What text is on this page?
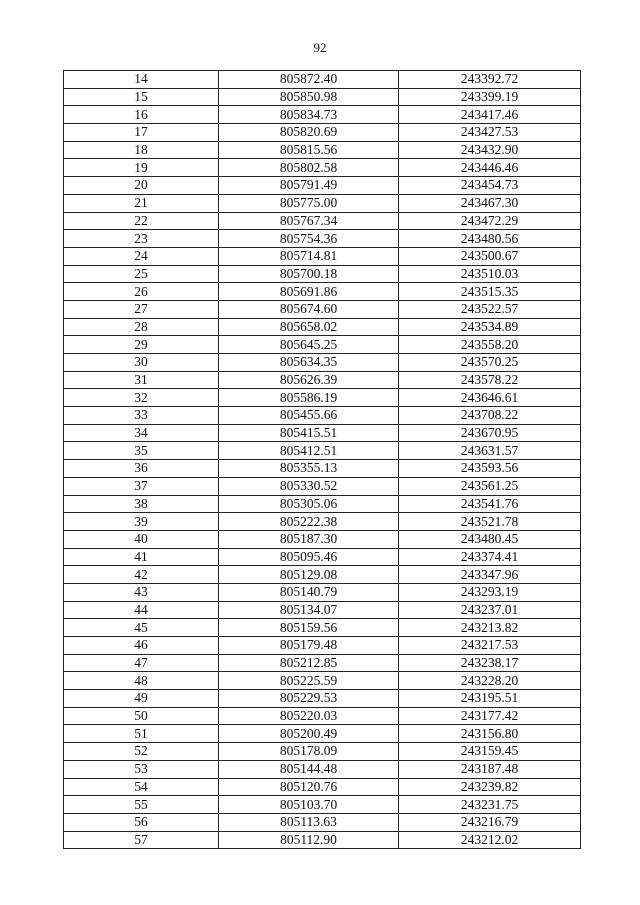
92
14	805872.40	243392.72
15	805850.98	243399.19
16	805834.73	243417.46
17	805820.69	243427.53
18	805815.56	243432.90
19	805802.58	243446.46
20	805791.49	243454.73
21	805775.00	243467.30
22	805767.34	243472.29
23	805754.36	243480.56
24	805714.81	243500.67
25	805700.18	243510.03
26	805691.86	243515.35
27	805674.60	243522.57
28	805658.02	243534.89
29	805645.25	243558.20
30	805634.35	243570.25
31	805626.39	243578.22
32	805586.19	243646.61
33	805455.66	243708.22
34	805415.51	243670.95
35	805412.51	243631.57
36	805355.13	243593.56
37	805330.52	243561.25
38	805305.06	243541.76
39	805222.38	243521.78
40	805187.30	243480.45
41	805095.46	243374.41
42	805129.08	243347.96
43	805140.79	243293.19
44	805134.07	243237.01
45	805159.56	243213.82
46	805179.48	243217.53
47	805212.85	243238.17
48	805225.59	243228.20
49	805229.53	243195.51
50	805220.03	243177.42
51	805200.49	243156.80
52	805178.09	243159.45
53	805144.48	243187.48
54	805120.76	243239.82
55	805103.70	243231.75
56	805113.63	243216.79
57	805112.90	243212.02
